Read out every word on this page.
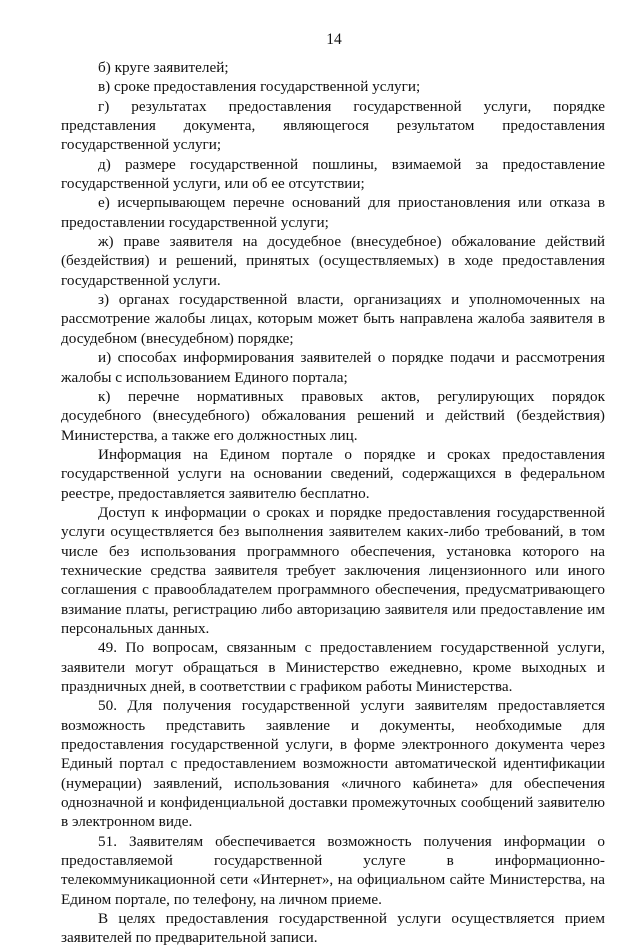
14

б) круге заявителей;

в) сроке предоставления государственной услуги;

г) результатах предоставления государственной услуги, порядке представления документа, являющегося результатом предоставления государственной услуги;

д) размере государственной пошлины, взимаемой за предоставление государственной услуги, или об ее отсутствии;

е) исчерпывающем перечне оснований для приостановления или отказа в предоставлении государственной услуги;

ж) праве заявителя на досудебное (внесудебное) обжалование действий (бездействия) и решений, принятых (осуществляемых) в ходе предоставления государственной услуги.

з) органах государственной власти, организациях и уполномоченных на рассмотрение жалобы лицах, которым может быть направлена жалоба заявителя в досудебном (внесудебном) порядке;

и) способах информирования заявителей о порядке подачи и рассмотрения жалобы с использованием Единого портала;

к) перечне нормативных правовых актов, регулирующих порядок досудебного (внесудебного) обжалования решений и действий (бездействия) Министерства, а также его должностных лиц.

Информация на Едином портале о порядке и сроках предоставления государственной услуги на основании сведений, содержащихся в федеральном реестре, предоставляется заявителю бесплатно.

Доступ к информации о сроках и порядке предоставления государственной услуги осуществляется без выполнения заявителем каких-либо требований, в том числе без использования программного обеспечения, установка которого на технические средства заявителя требует заключения лицензионного или иного соглашения с правообладателем программного обеспечения, предусматривающего взимание платы, регистрацию либо авторизацию заявителя или предоставление им персональных данных.

49. По вопросам, связанным с предоставлением государственной услуги, заявители могут обращаться в Министерство ежедневно, кроме выходных и праздничных дней, в соответствии с графиком работы Министерства.

50. Для получения государственной услуги заявителям предоставляется возможность представить заявление и документы, необходимые для предоставления государственной услуги, в форме электронного документа через Единый портал с предоставлением возможности автоматической идентификации (нумерации) заявлений, использования «личного кабинета» для обеспечения однозначной и конфиденциальной доставки промежуточных сообщений заявителю в электронном виде.

51. Заявителям обеспечивается возможность получения информации о предоставляемой государственной услуге в информационно-телекоммуникационной сети «Интернет», на официальном сайте Министерства, на Едином портале, по телефону, на личном приеме.

В целях предоставления государственной услуги осуществляется прием заявителей по предварительной записи.
